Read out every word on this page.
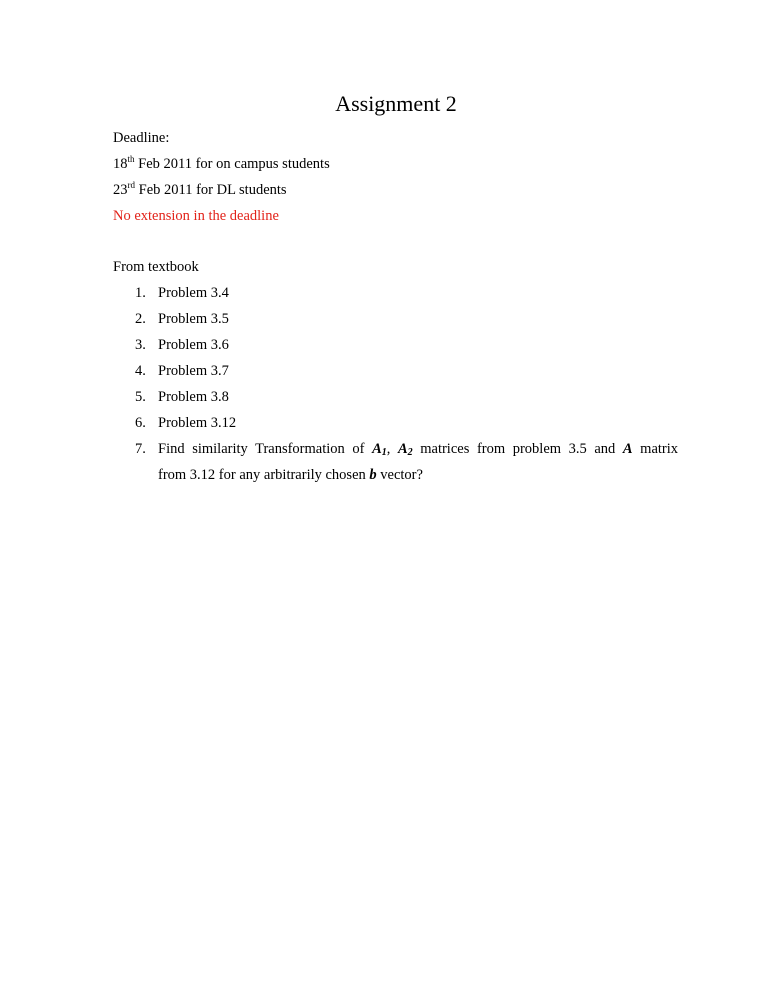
Assignment 2
Deadline:
18th Feb 2011 for on campus students
23rd Feb 2011 for DL students
No extension in the deadline
From textbook
1. Problem 3.4
2. Problem 3.5
3. Problem 3.6
4. Problem 3.7
5. Problem 3.8
6. Problem 3.12
7. Find similarity Transformation of $A_1$, $A_2$ matrices from problem 3.5 and A matrix
from 3.12 for any arbitrarily chosen b vector?
